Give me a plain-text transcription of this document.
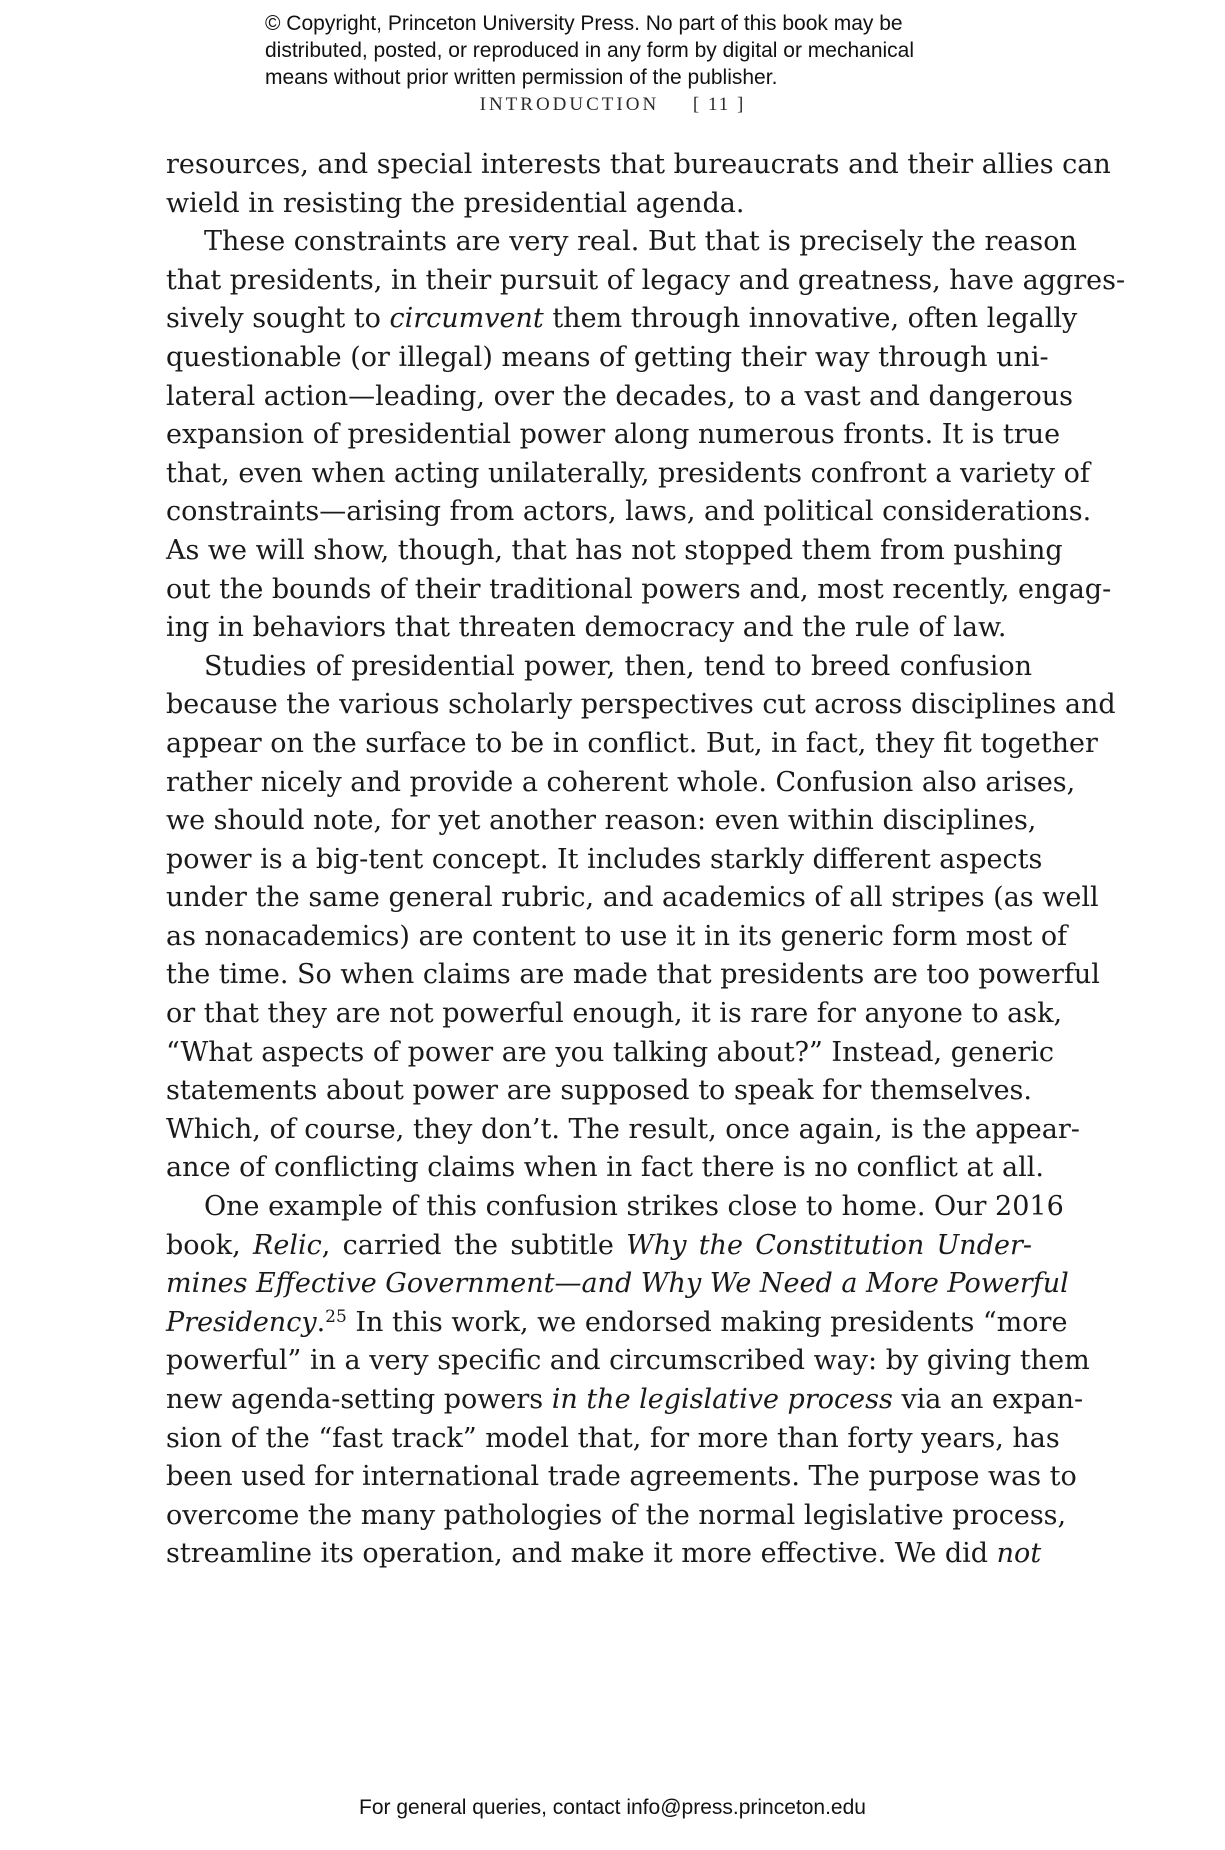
© Copyright, Princeton University Press. No part of this book may be
distributed, posted, or reproduced in any form by digital or mechanical
means without prior written permission of the publisher.
INTRODUCTION [ 11 ]
resources, and special interests that bureaucrats and their allies can
wield in resisting the presidential agenda.
These constraints are very real. But that is precisely the reason
that presidents, in their pursuit of legacy and greatness, have aggres-
sively sought to circumvent them through innovative, often legally
questionable (or illegal) means of getting their way through uni-
lateral action—leading, over the decades, to a vast and dangerous
expansion of presidential power along numerous fronts. It is true
that, even when acting unilaterally, presidents confront a variety of
constraints—arising from actors, laws, and political considerations.
As we will show, though, that has not stopped them from pushing
out the bounds of their traditional powers and, most recently, engag-
ing in behaviors that threaten democracy and the rule of law.
Studies of presidential power, then, tend to breed confusion
because the various scholarly perspectives cut across disciplines and
appear on the surface to be in conflict. But, in fact, they fit together
rather nicely and provide a coherent whole. Confusion also arises,
we should note, for yet another reason: even within disciplines,
power is a big-tent concept. It includes starkly different aspects
under the same general rubric, and academics of all stripes (as well
as nonacademics) are content to use it in its generic form most of
the time. So when claims are made that presidents are too powerful
or that they are not powerful enough, it is rare for anyone to ask,
“What aspects of power are you talking about?” Instead, generic
statements about power are supposed to speak for themselves.
Which, of course, they don’t. The result, once again, is the appear-
ance of conflicting claims when in fact there is no conflict at all.
One example of this confusion strikes close to home. Our 2016
book, Relic, carried the subtitle Why the Constitution Under-
mines Effective Government—and Why We Need a More Powerful
Presidency.$^{25}$ In this work, we endorsed making presidents “more
powerful” in a very specific and circumscribed way: by giving them
new agenda-setting powers in the legislative process via an expan-
sion of the “fast track” model that, for more than forty years, has
been used for international trade agreements. The purpose was to
overcome the many pathologies of the normal legislative process,
streamline its operation, and make it more effective. We did not
For general queries, contact info@press.princeton.edu
